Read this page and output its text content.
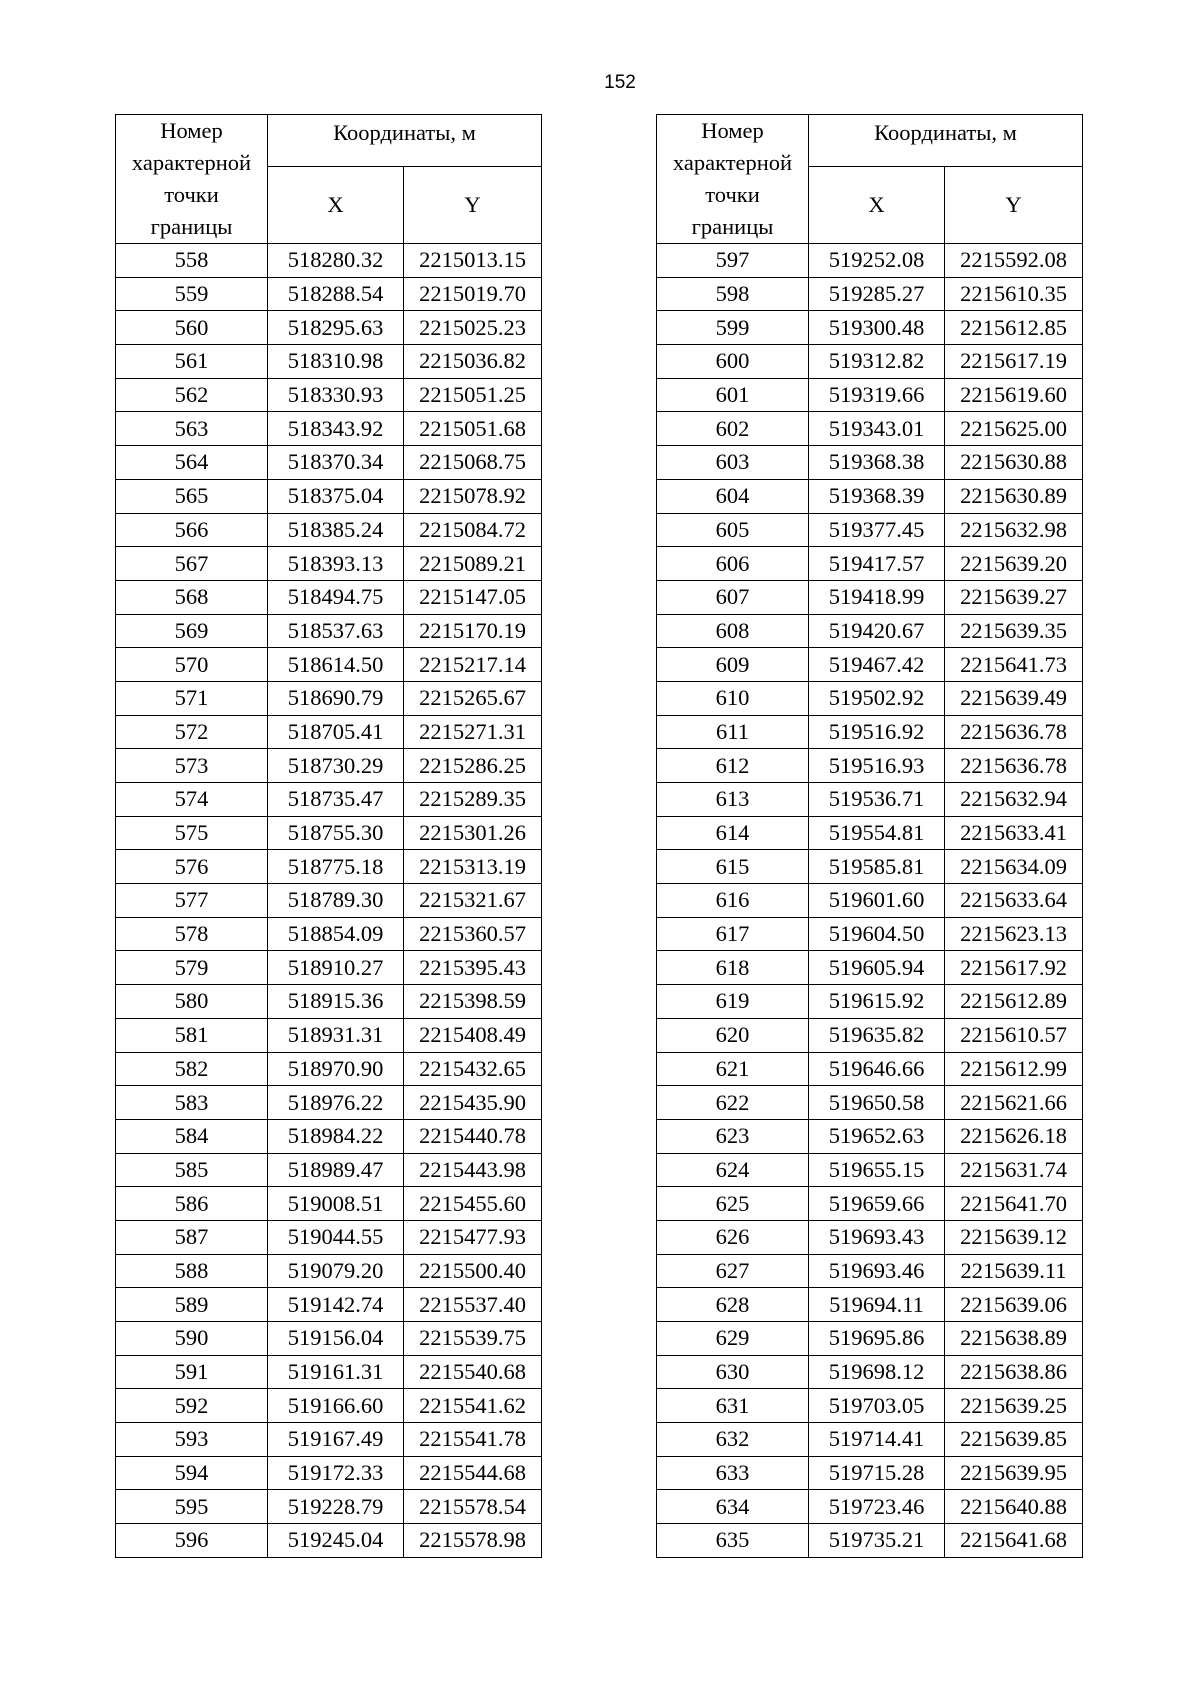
152
Номер характерной точки границы	Координаты, м	
	X	Y
558	518280.32	2215013.15
559	518288.54	2215019.70
560	518295.63	2215025.23
561	518310.98	2215036.82
562	518330.93	2215051.25
563	518343.92	2215051.68
564	518370.34	2215068.75
565	518375.04	2215078.92
566	518385.24	2215084.72
567	518393.13	2215089.21
568	518494.75	2215147.05
569	518537.63	2215170.19
570	518614.50	2215217.14
571	518690.79	2215265.67
572	518705.41	2215271.31
573	518730.29	2215286.25
574	518735.47	2215289.35
575	518755.30	2215301.26
576	518775.18	2215313.19
577	518789.30	2215321.67
578	518854.09	2215360.57
579	518910.27	2215395.43
580	518915.36	2215398.59
581	518931.31	2215408.49
582	518970.90	2215432.65
583	518976.22	2215435.90
584	518984.22	2215440.78
585	518989.47	2215443.98
586	519008.51	2215455.60
587	519044.55	2215477.93
588	519079.20	2215500.40
589	519142.74	2215537.40
590	519156.04	2215539.75
591	519161.31	2215540.68
592	519166.60	2215541.62
593	519167.49	2215541.78
594	519172.33	2215544.68
595	519228.79	2215578.54
596	519245.04	2215578.98
Номер характерной точки границы	Координаты, м	
	X	Y
597	519252.08	2215592.08
598	519285.27	2215610.35
599	519300.48	2215612.85
600	519312.82	2215617.19
601	519319.66	2215619.60
602	519343.01	2215625.00
603	519368.38	2215630.88
604	519368.39	2215630.89
605	519377.45	2215632.98
606	519417.57	2215639.20
607	519418.99	2215639.27
608	519420.67	2215639.35
609	519467.42	2215641.73
610	519502.92	2215639.49
611	519516.92	2215636.78
612	519516.93	2215636.78
613	519536.71	2215632.94
614	519554.81	2215633.41
615	519585.81	2215634.09
616	519601.60	2215633.64
617	519604.50	2215623.13
618	519605.94	2215617.92
619	519615.92	2215612.89
620	519635.82	2215610.57
621	519646.66	2215612.99
622	519650.58	2215621.66
623	519652.63	2215626.18
624	519655.15	2215631.74
625	519659.66	2215641.70
626	519693.43	2215639.12
627	519693.46	2215639.11
628	519694.11	2215639.06
629	519695.86	2215638.89
630	519698.12	2215638.86
631	519703.05	2215639.25
632	519714.41	2215639.85
633	519715.28	2215639.95
634	519723.46	2215640.88
635	519735.21	2215641.68
